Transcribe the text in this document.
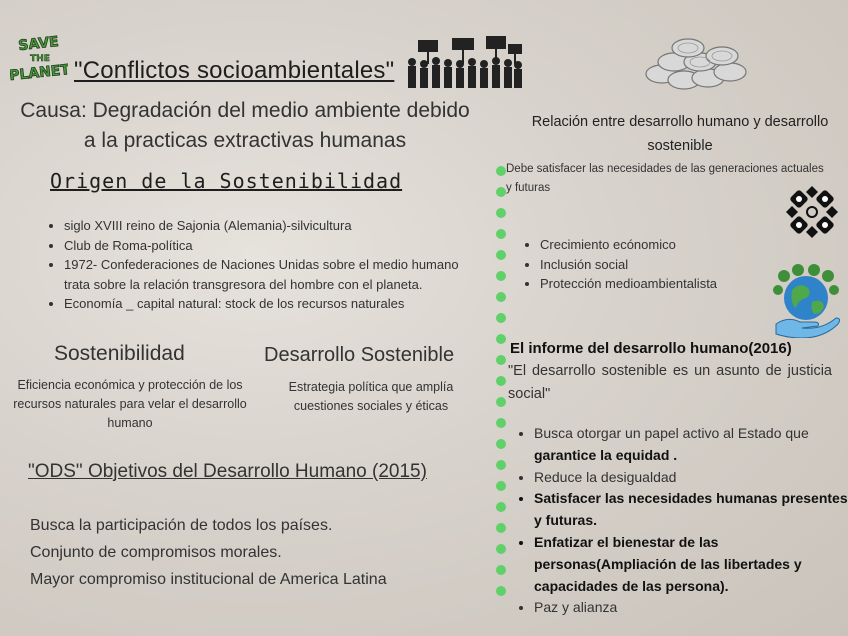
SAVE
THE
PLANET "Conflictos socioambientales"
Causa: Degradación del medio ambiente debido a la practicas extractivas humanas
Origen de la Sostenibilidad
• siglo XVIII reino de Sajonia (Alemania)-silvicultura
• Club de Roma-política
• 1972- Confederaciones de Naciones Unidas sobre el medio humano trata sobre la relación transgresora del hombre con el planeta.
• Economía _ capital natural: stock de los recursos naturales
Sostenibilidad	Desarrollo Sostenible
Eficiencia económica y protección de los recursos naturales para velar el desarrollo humano
Estrategia política que amplía cuestiones sociales y éticas
"ODS" Objetivos del Desarrollo Humano (2015)
Busca la participación de todos los países.
Conjunto de compromisos morales.
Mayor compromiso institucional de America Latina
Relación entre desarrollo humano y desarrollo sostenible
Debe satisfacer las necesidades de las generaciones actuales y futuras
• Crecimiento ecónomico
• Inclusión social
• Protección medioambientalista
El informe del desarrollo humano(2016)
"El desarrollo sostenible es un asunto de justicia social"
• Busca otorgar un papel activo al Estado que garantice la equidad .
• Reduce la desigualdad
• Satisfacer las necesidades humanas presentes y futuras.
• Enfatizar el bienestar de las personas(Ampliación de las libertades y capacidades de las persona).
• Paz y alianza
